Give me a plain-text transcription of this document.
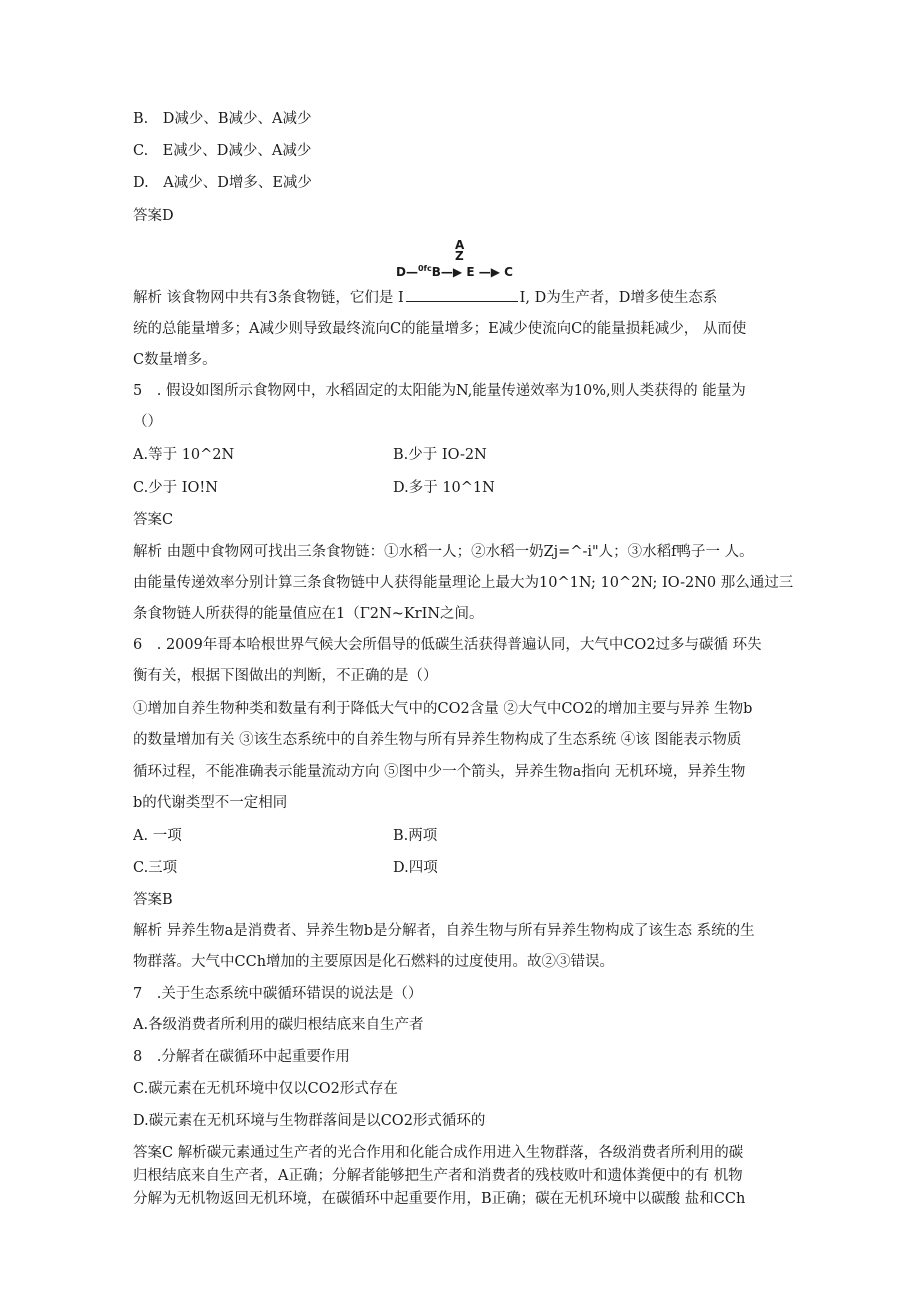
B.　D减少、B减少、A减少
C.　E减少、D减少、A减少
D.　A减少、D增多、E减少
答案D
A
Z
D—$^{0fc}$B—▶ E —▶ C
解析 该食物网中共有3条食物链，它们是 I	I, D为生产者，D增多使生态系
统的总能量增多；A减少则导致最终流向C的能量增多；E减少使流向C的能量损耗减少， 从而使
C数量增多。
5　. 假设如图所示食物网中，水稻固定的太阳能为N,能量传递效率为10%,则人类获得的 能量为
（）
A.等于 10^2N	B.少于 IO-2N
C.少于 IO!N	D.多于 10^1N
答案C
解析 由题中食物网可找出三条食物链：①水稻一人；②水稻一奶Zj=^-i"人；③水稻f鸭子一 人。
由能量传递效率分别计算三条食物链中人获得能量理论上最大为10^1N; 10^2N; IO-2N0 那么通过三
条食物链人所获得的能量值应在1（Γ2N~KrIN之间。
6　. 2009年哥本哈根世界气候大会所倡导的低碳生活获得普遍认同，大气中CO2过多与碳循 环失
衡有关，根据下图做出的判断，不正确的是（）
①增加自养生物种类和数量有利于降低大气中的CO2含量 ②大气中CO2的增加主要与异养 生物b
的数量增加有关 ③该生态系统中的自养生物与所有异养生物构成了生态系统 ④该 图能表示物质
循环过程，不能准确表示能量流动方向 ⑤图中少一个箭头，异养生物a指向 无机环境，异养生物
b的代谢类型不一定相同
A. 一项	B.两项
C.三项	D.四项
答案B
解析 异养生物a是消费者、异养生物b是分解者，自养生物与所有异养生物构成了该生态 系统的生
物群落。大气中CCh增加的主要原因是化石燃料的过度使用。故②③错误。
7　.关于生态系统中碳循环错误的说法是（）
A.各级消费者所利用的碳归根结底来自生产者
8　.分解者在碳循环中起重要作用
C.碳元素在无机环境中仅以CO2形式存在
D.碳元素在无机环境与生物群落间是以CO2形式循环的
答案C 解析碳元素通过生产者的光合作用和化能合成作用进入生物群落，各级消费者所利用的碳
归根结底来自生产者，A正确；分解者能够把生产者和消费者的残枝败叶和遗体粪便中的有 机物
分解为无机物返回无机环境，在碳循环中起重要作用，B正确；碳在无机环境中以碳酸 盐和CCh
